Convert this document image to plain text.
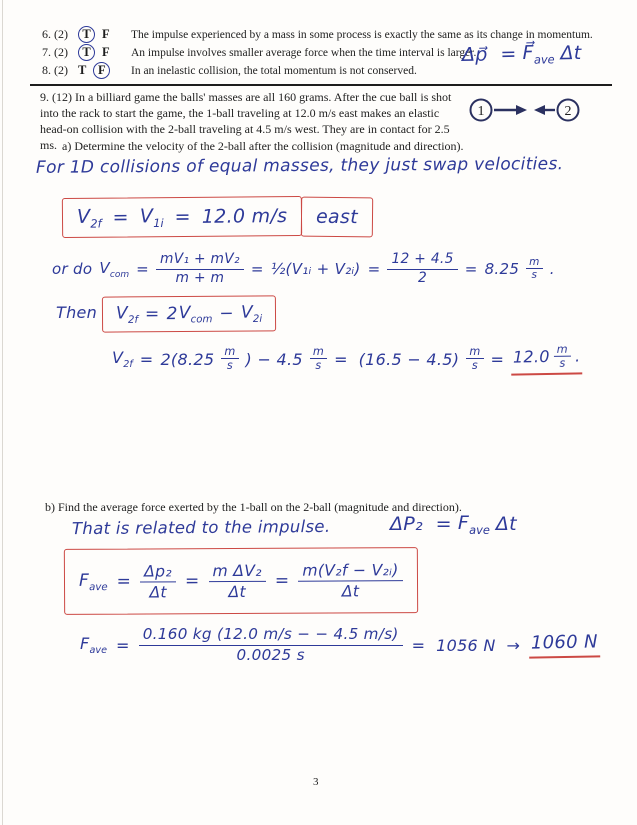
6. (2)	T F The impulse experienced by a mass in some process is exactly the same as its change in momentum.
7. (2)	T F An impulse involves smaller average force when the time interval is larger.
8. (2) T F In an inelastic collision, the total momentum is not conserved.
Δp⃗  = $F⃗_{ave}$ Δt
9. (12) In a billiard game the balls' masses are all 160 grams. After the cue ball is shot into the rack to start the game, the 1-ball traveling at 12.0 m/s east makes an elastic head-on collision with the 2-ball traveling at 4.5 m/s west. They are in contact for 2.5 ms.
1	2
a) Determine the velocity of the 2-ball after the collision (magnitude and direction).
For 1D collisions of equal masses, they just swap velocities.
$V_{2f} = V_{1i} = 12.0$ m/s east
or do $V_{com} = \frac{\text{mV₁ + mV₂}}{m + m}$ = ½(V₁ᵢ + V₂ᵢ) = $\frac{12 + 4.5}{2} = 8.25 \frac{m}{s}$ .
Then $V_{2f} = 2$ $V_{com} - V_{2i}$
$V_{2f} = 2(8.25 \frac{m}{s}$ ) − $4.5 \frac{m}{s} = (16.5 - 4.5) \frac{m}{s} = 12.0 \frac{m}{s}$ .
b) Find the average force exerted by the 1-ball on the 2-ball (magnitude and direction).
That is related to the impulse.	$\Delta P_2 = F_{ave}$ Δt
$F_{ave} = \frac{\text{Δp₂}}{\Delta t} = \frac{\text{m ΔV₂}}{\Delta t} = \frac{\text{m(V₂f − V₂ᵢ)}}{\Delta t}$
$F_{ave} = \frac{0.160 kg (12.0 m/s - - 4.5 m/s)}{0.0025 s} = 1056$ N  → 1060 N
3
